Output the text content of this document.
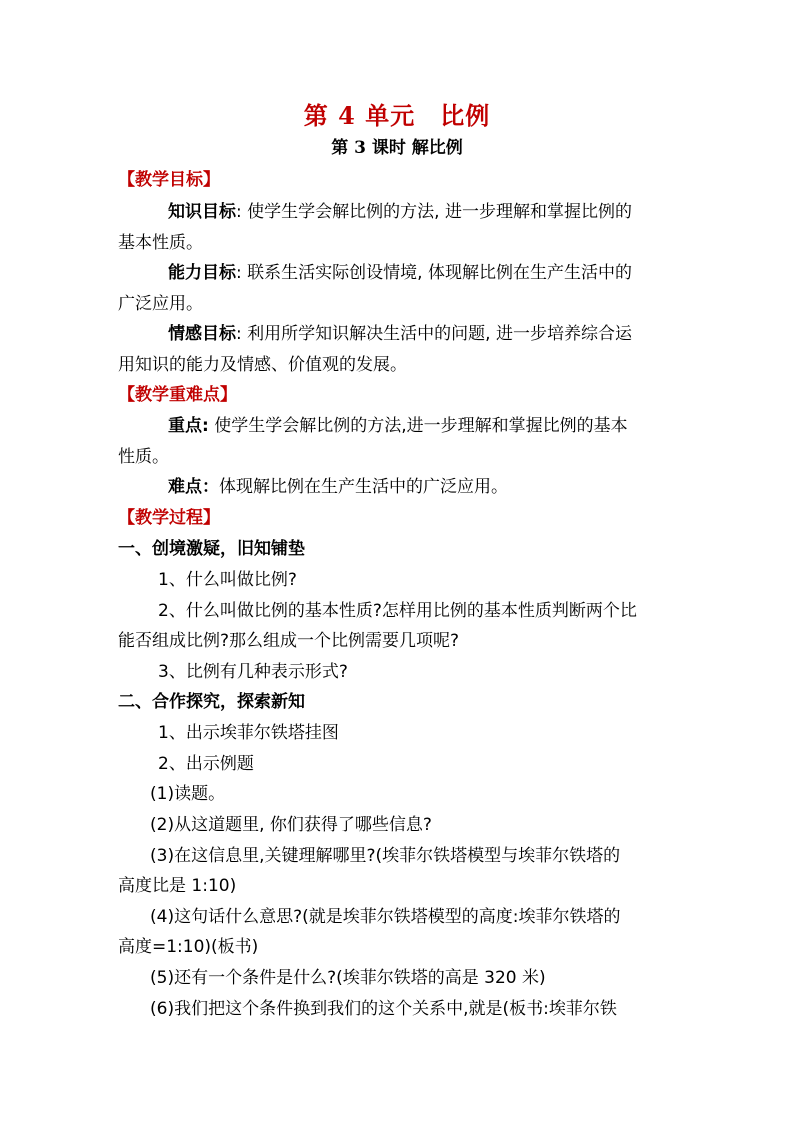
第 4 单元　比例
第 3 课时 解比例
【教学目标】
知识目标: 使学生学会解比例的方法, 进一步理解和掌握比例的
基本性质。
能力目标: 联系生活实际创设情境, 体现解比例在生产生活中的
广泛应用。
情感目标: 利用所学知识解决生活中的问题, 进一步培养综合运
用知识的能力及情感、价值观的发展。
【教学重难点】
重点: 使学生学会解比例的方法,进一步理解和掌握比例的基本
性质。
难点：体现解比例在生产生活中的广泛应用。
【教学过程】
一、创境激疑，旧知铺垫
1、什么叫做比例?
2、什么叫做比例的基本性质?怎样用比例的基本性质判断两个比
能否组成比例?那么组成一个比例需要几项呢?
3、比例有几种表示形式?
二、合作探究，探索新知
1、出示埃菲尔铁塔挂图
2、出示例题
(1)读题。
(2)从这道题里, 你们获得了哪些信息?
(3)在这信息里,关键理解哪里?(埃菲尔铁塔模型与埃菲尔铁塔的
高度比是 1:10)
(4)这句话什么意思?(就是埃菲尔铁塔模型的高度:埃菲尔铁塔的
高度=1:10)(板书)
(5)还有一个条件是什么?(埃菲尔铁塔的高是 320 米)
(6)我们把这个条件换到我们的这个关系中,就是(板书:埃菲尔铁
